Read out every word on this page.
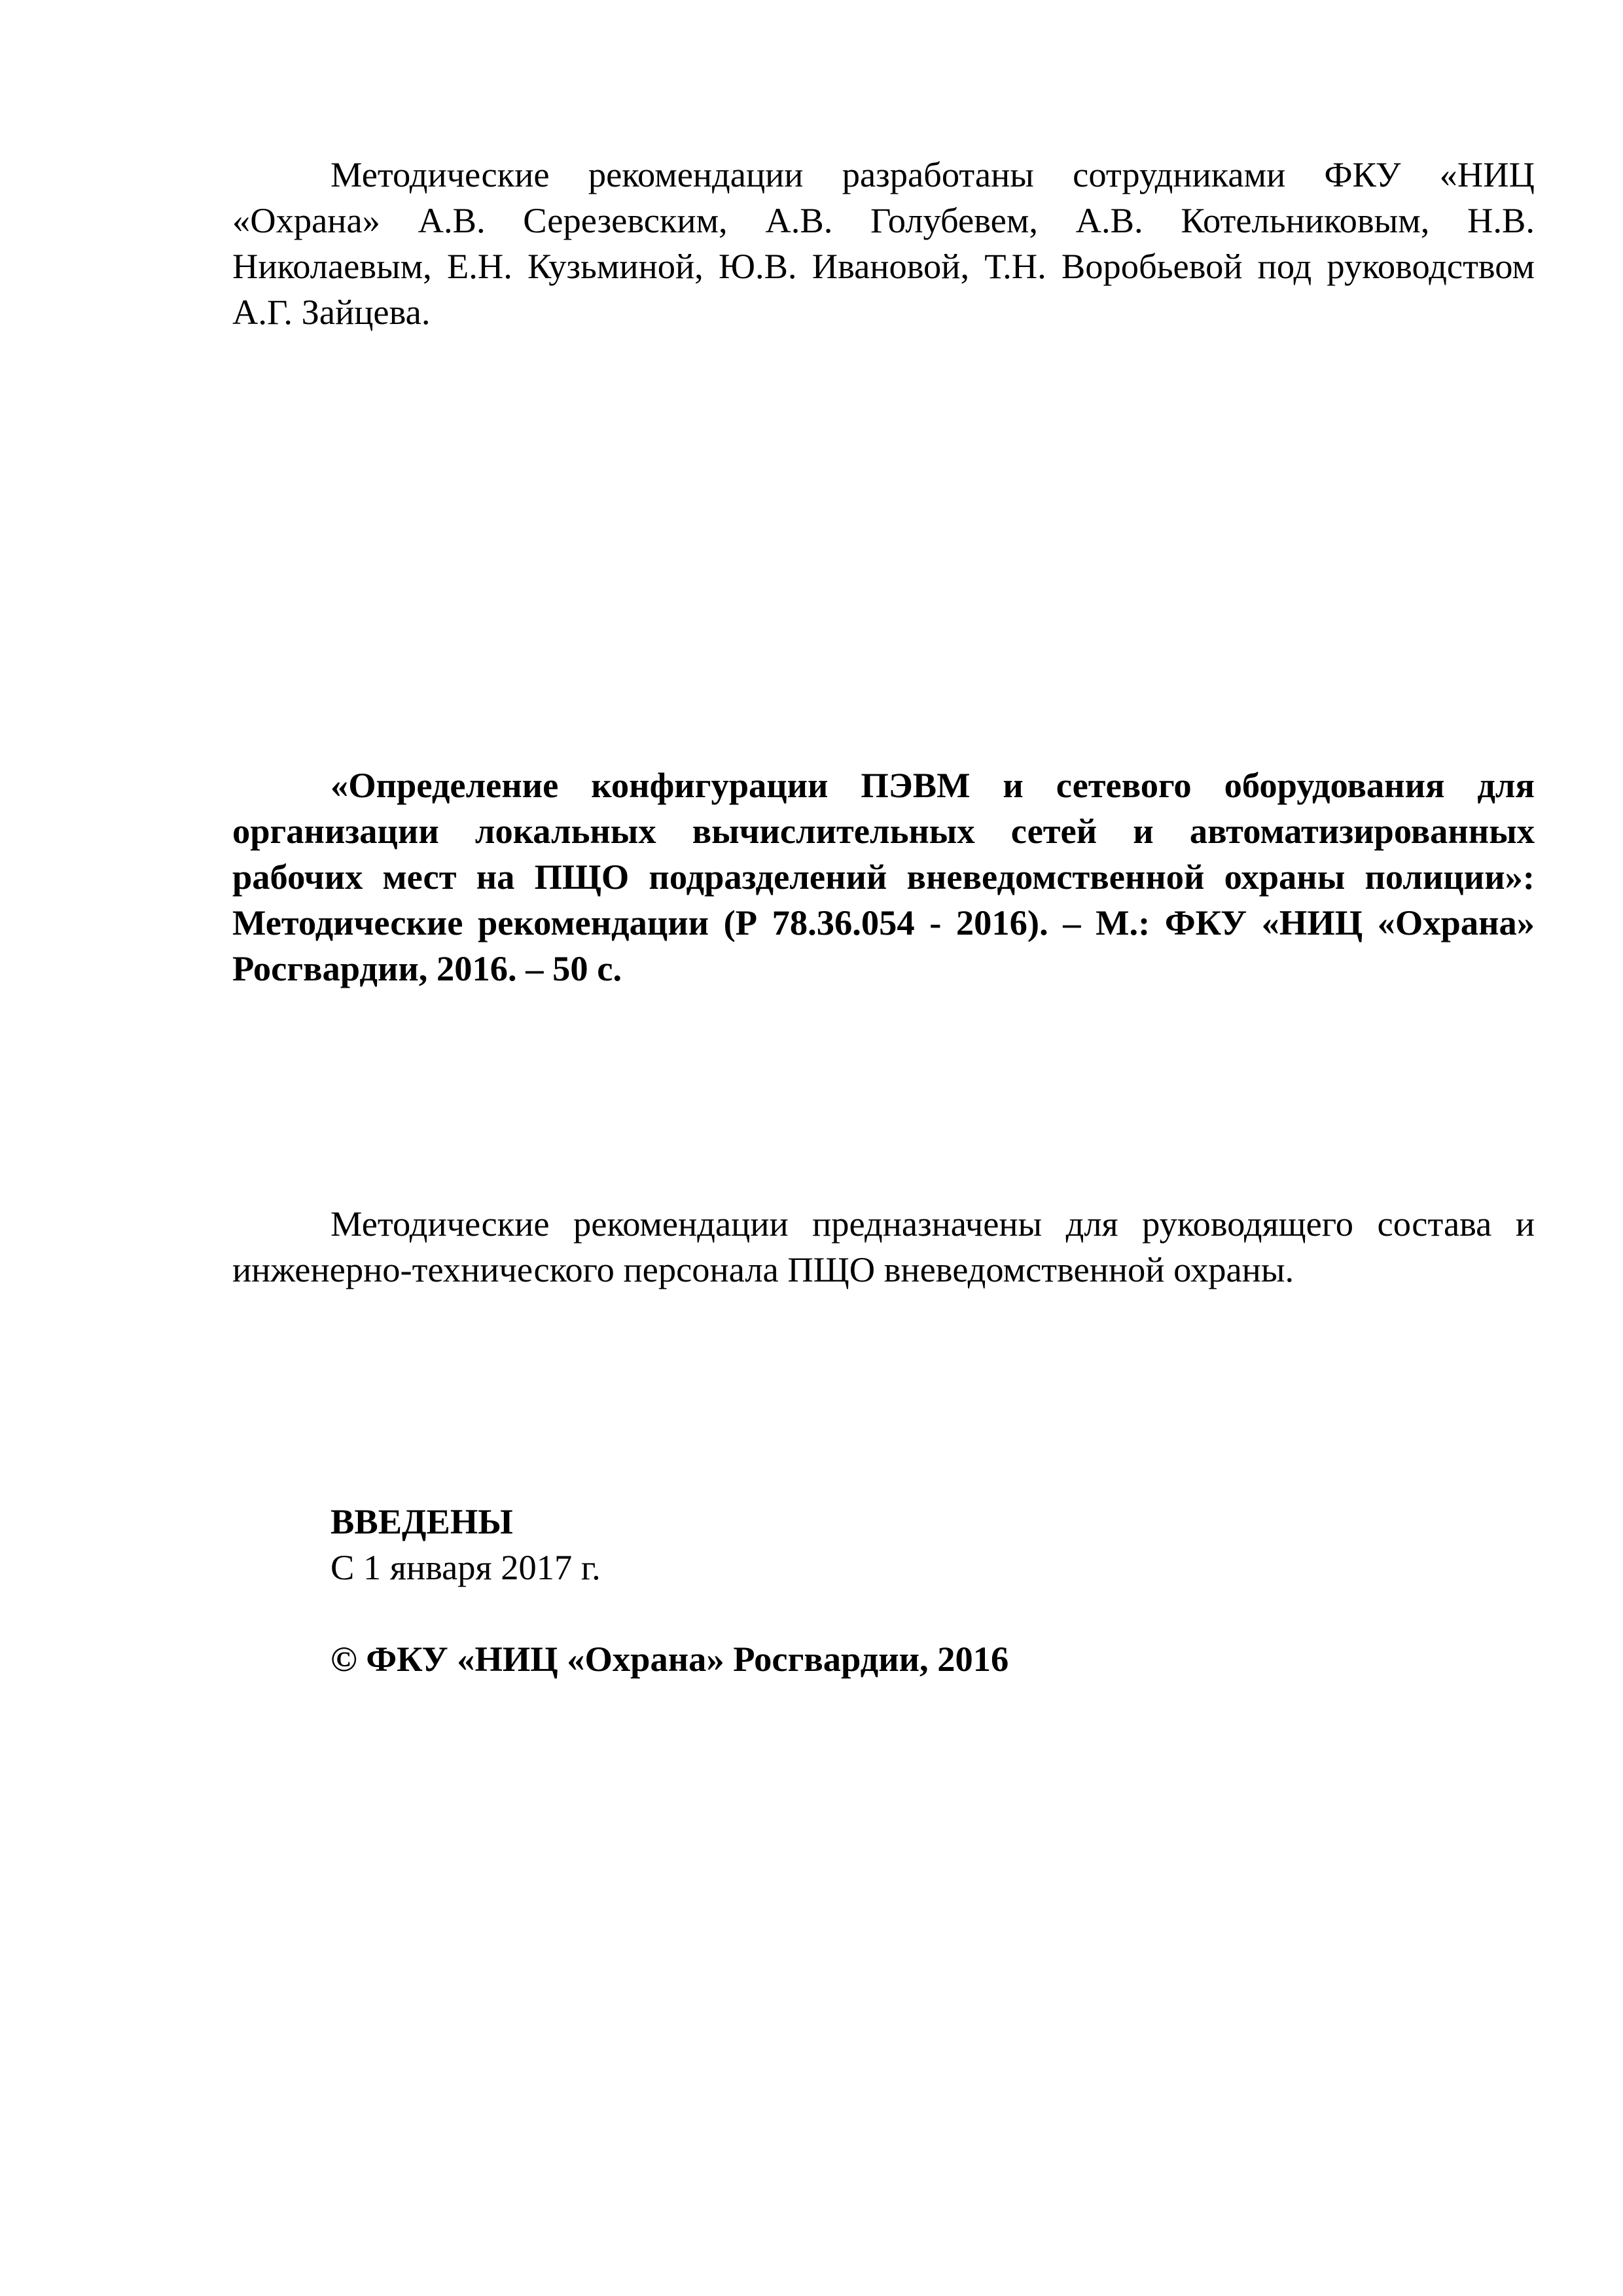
Методические рекомендации разработаны сотрудниками ФКУ «НИЦ «Охрана» А.В. Серезевским, А.В. Голубевем, А.В. Котельниковым, Н.В. Николаевым, Е.Н. Кузьминой, Ю.В. Ивановой, Т.Н. Воробьевой под руководством А.Г. Зайцева.

«Определение конфигурации ПЭВМ и сетевого оборудования для организации локальных вычислительных сетей и автоматизированных рабочих мест на ПЩО подразделений вневедомственной охраны полиции»: Методические рекомендации (Р 78.36.054 - 2016). – М.: ФКУ «НИЦ «Охрана» Росгвардии, 2016. – 50 с.

Методические рекомендации предназначены для руководящего состава и инженерно-технического персонала ПЩО вневедомственной охраны.

ВВЕДЕНЫ

С 1 января 2017 г.

© ФКУ «НИЦ «Охрана» Росгвардии, 2016
